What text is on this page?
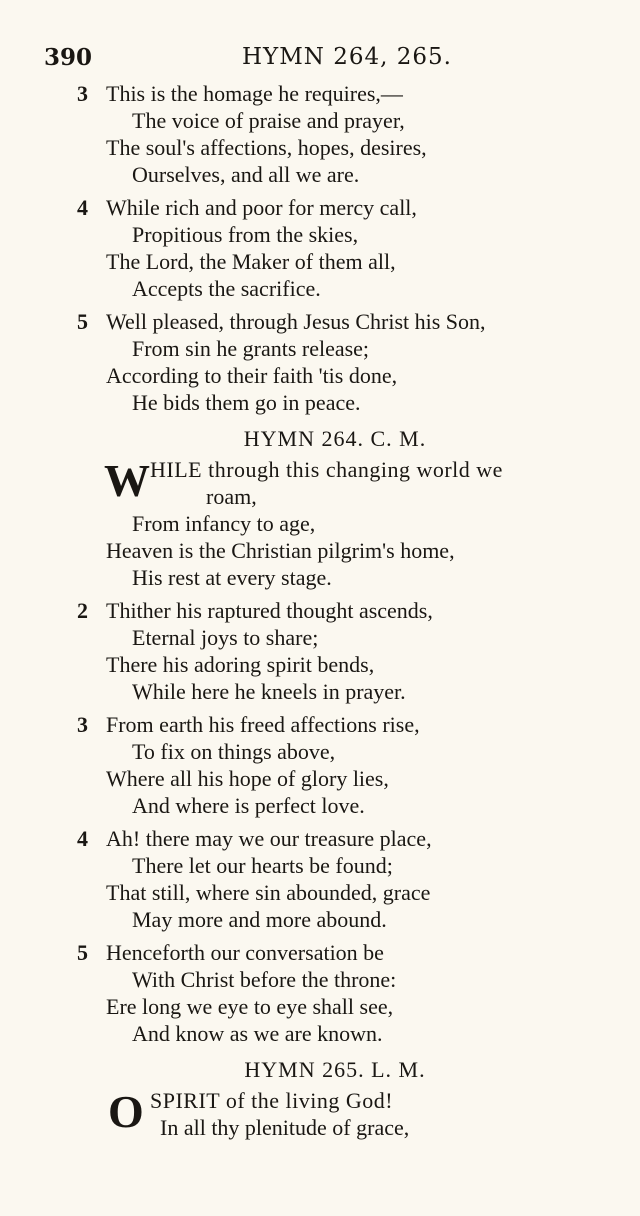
390	HYMN 264, 265.
3 This is the homage he requires,—
The voice of praise and prayer,
The soul's affections, hopes, desires,
Ourselves, and all we are.
4 While rich and poor for mercy call,
Propitious from the skies,
The Lord, the Maker of them all,
Accepts the sacrifice.
5 Well pleased, through Jesus Christ his Son,
From sin he grants release;
According to their faith 'tis done,
He bids them go in peace.
HYMN 264. C. M.
W HILE through this changing world we
roam,
From infancy to age,
Heaven is the Christian pilgrim's home,
His rest at every stage.
2 Thither his raptured thought ascends,
Eternal joys to share;
There his adoring spirit bends,
While here he kneels in prayer.
3 From earth his freed affections rise,
To fix on things above,
Where all his hope of glory lies,
And where is perfect love.
4 Ah! there may we our treasure place,
There let our hearts be found;
That still, where sin abounded, grace
May more and more abound.
5 Henceforth our conversation be
With Christ before the throne:
Ere long we eye to eye shall see,
And know as we are known.
HYMN 265. L. M.
O SPIRIT of the living God!
In all thy plenitude of grace,
